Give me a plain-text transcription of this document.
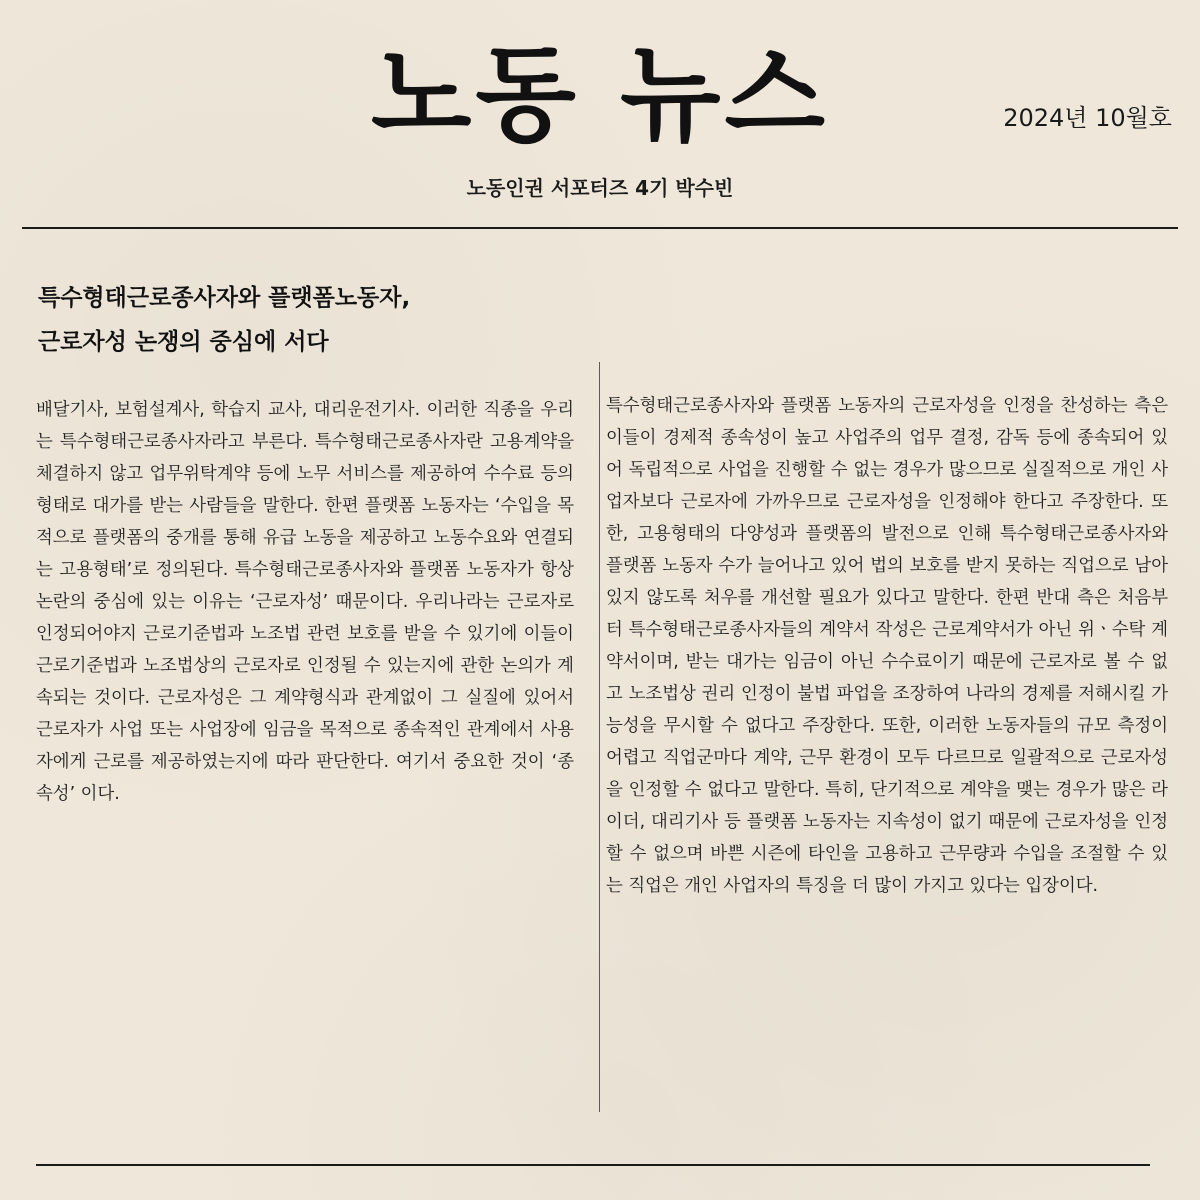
노동 뉴스	2024년 10월호
노동인권 서포터즈 4기 박수빈
특수형태근로종사자와 플랫폼노동자,
근로자성 논쟁의 중심에 서다

배달기사, 보험설계사, 학습지 교사, 대리운전기사. 이러한 직종을 우리는 특수형태근로종사자라고 부른다. 특수형태근로종사자란 고용계약을 체결하지 않고 업무위탁계약 등에 노무 서비스를 제공하여 수수료 등의 형태로 대가를 받는 사람들을 말한다. 한편 플랫폼 노동자는 ‘수입을 목적으로 플랫폼의 중개를 통해 유급 노동을 제공하고 노동수요와 연결되는 고용형태’로 정의된다. 특수형태근로종사자와 플랫폼 노동자가 항상 논란의 중심에 있는 이유는 ‘근로자성’ 때문이다. 우리나라는 근로자로 인정되어야지 근로기준법과 노조법 관련 보호를 받을 수 있기에 이들이 근로기준법과 노조법상의 근로자로 인정될 수 있는지에 관한 논의가 계속되는 것이다. 근로자성은 그 계약형식과 관계없이 그 실질에 있어서 근로자가 사업 또는 사업장에 임금을 목적으로 종속적인 관계에서 사용자에게 근로를 제공하였는지에 따라 판단한다. 여기서 중요한 것이 ‘종속성’ 이다.

특수형태근로종사자와 플랫폼 노동자의 근로자성을 인정을 찬성하는 측은 이들이 경제적 종속성이 높고 사업주의 업무 결정, 감독 등에 종속되어 있어 독립적으로 사업을 진행할 수 없는 경우가 많으므로 실질적으로 개인 사업자보다 근로자에 가까우므로 근로자성을 인정해야 한다고 주장한다. 또한, 고용형태의 다양성과 플랫폼의 발전으로 인해 특수형태근로종사자와 플랫폼 노동자 수가 늘어나고 있어 법의 보호를 받지 못하는 직업으로 남아 있지 않도록 처우를 개선할 필요가 있다고 말한다. 한편 반대 측은 처음부터 특수형태근로종사자들의 계약서 작성은 근로계약서가 아닌 위ㆍ수탁 계약서이며, 받는 대가는 임금이 아닌 수수료이기 때문에 근로자로 볼 수 없고 노조법상 권리 인정이 불법 파업을 조장하여 나라의 경제를 저해시킬 가능성을 무시할 수 없다고 주장한다. 또한, 이러한 노동자들의 규모 측정이 어렵고 직업군마다 계약, 근무 환경이 모두 다르므로 일괄적으로 근로자성을 인정할 수 없다고 말한다. 특히, 단기적으로 계약을 맺는 경우가 많은 라이더, 대리기사 등 플랫폼 노동자는 지속성이 없기 때문에 근로자성을 인정할 수 없으며 바쁜 시즌에 타인을 고용하고 근무량과 수입을 조절할 수 있는 직업은 개인 사업자의 특징을 더 많이 가지고 있다는 입장이다.
